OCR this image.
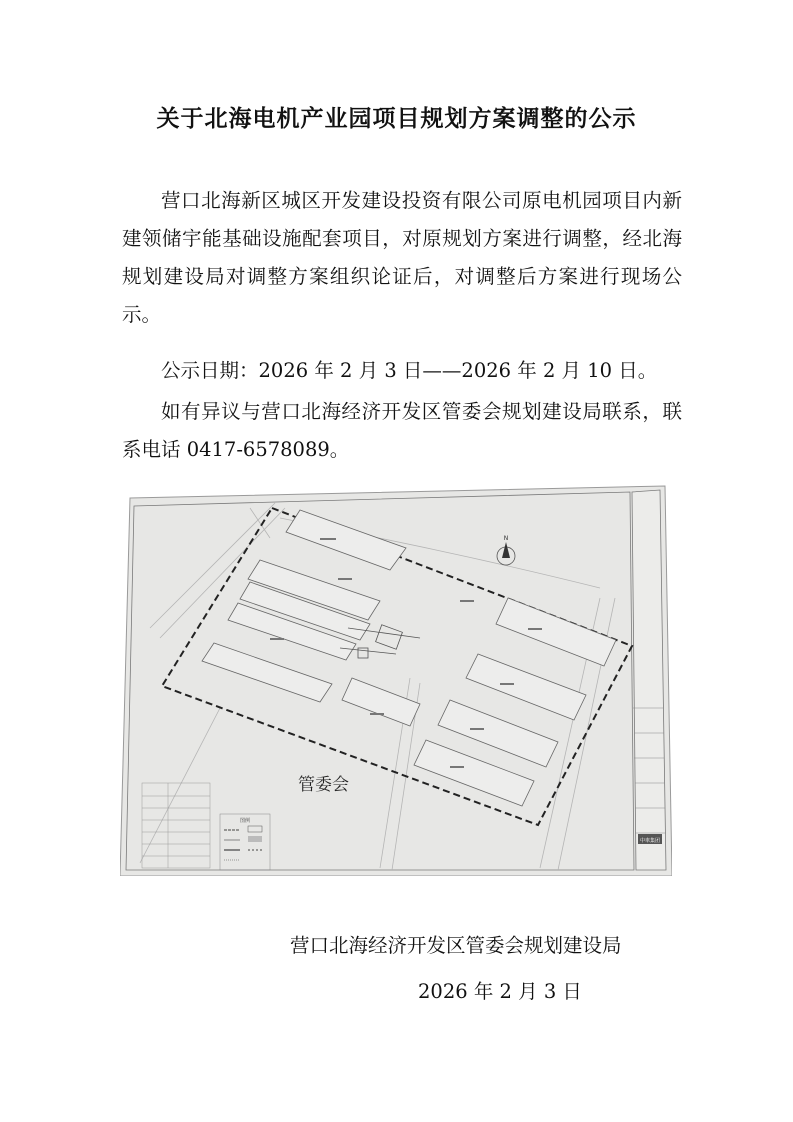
关于北海电机产业园项目规划方案调整的公示

营口北海新区城区开发建设投资有限公司原电机园项目内新建领储宇能基础设施配套项目，对原规划方案进行调整，经北海规划建设局对调整方案组织论证后，对调整后方案进行现场公示。

公示日期：2026 年 2 月 3 日——2026 年 2 月 10 日。

如有异议与营口北海经济开发区管委会规划建设局联系，联系电话 0417-6578089。

中車集团
N
图例
管委会
营口北海经济开发区管委会规划建设局
2026 年 2 月 3 日
